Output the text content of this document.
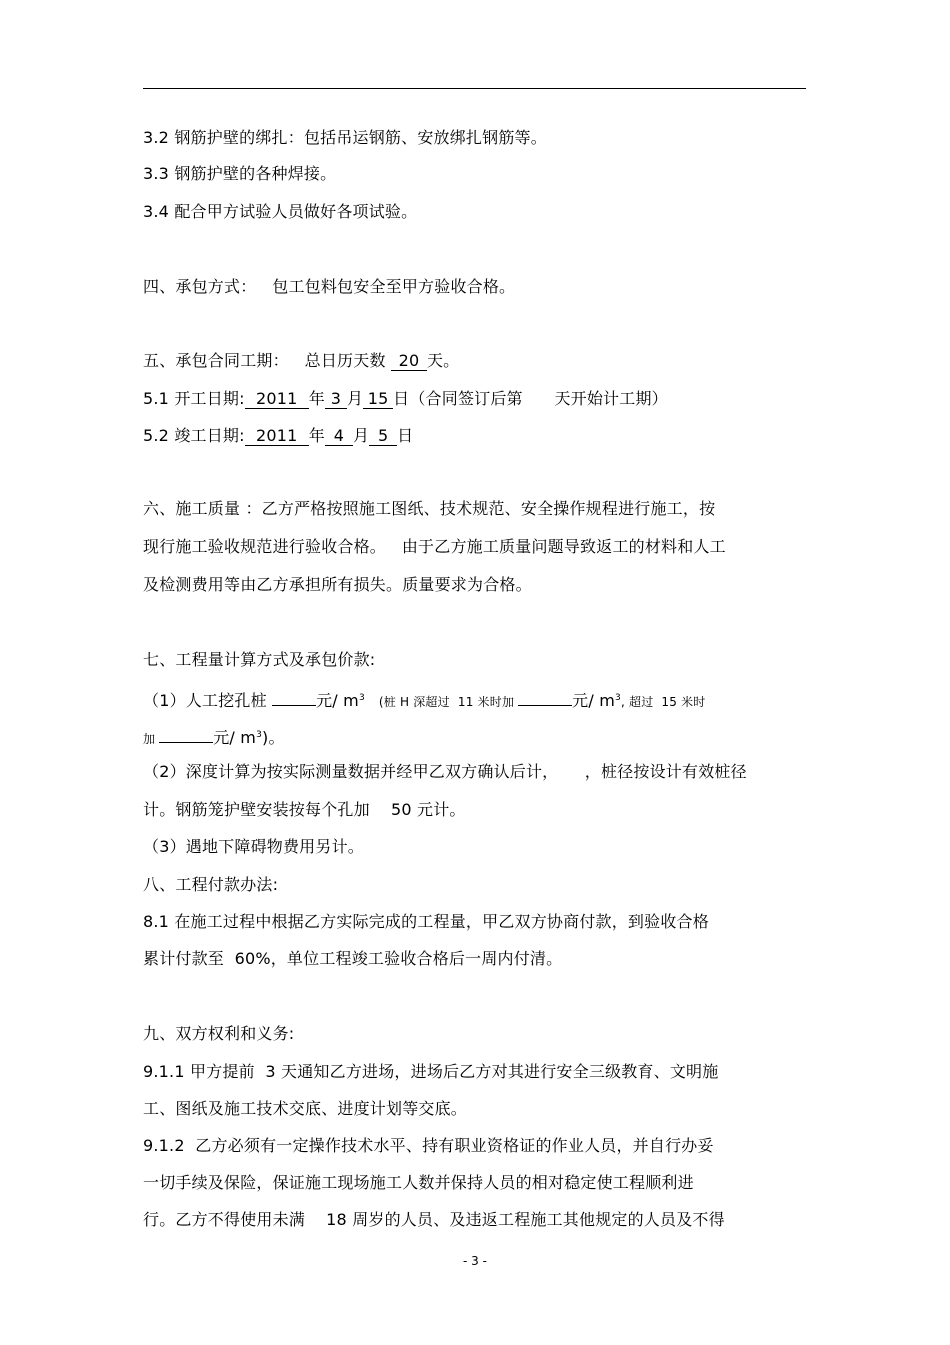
3.2 钢筋护壁的绑扎：包括吊运钢筋、安放绑扎钢筋等。
3.3 钢筋护壁的各种焊接。
3.4 配合甲方试验人员做好各项试验。
四、承包方式：   包工包料包安全至甲方验收合格。
五、承包合同工期：   总日历天数 20 天。
5.1 开工日期: 2011 年 3 月 15 日（合同签订后第      天开始计工期）
5.2 竣工日期: 2011 年 4 月 5 日
六、施工质量 ：乙方严格按照施工图纸、技术规范、安全操作规程进行施工，按
现行施工验收规范进行验收合格。   由于乙方施工质量问题导致返工的材料和人工
及检测费用等由乙方承担所有损失。质量要求为合格。
七、工程量计算方式及承包价款:
（1）人工挖孔桩	元/ $m^3$ (桩 H 深超过  11 米时加	元/ $m^3$, 超过  15 米时
加	元/ $m^3$)。
（2）深度计算为按实际测量数据并经甲乙双方确认后计，     ，桩径按设计有效桩径
计。钢筋笼护壁安装按每个孔加    50 元计。
（3）遇地下障碍物费用另计。
八、工程付款办法:
8.1 在施工过程中根据乙方实际完成的工程量，甲乙双方协商付款，到验收合格
累计付款至  60%，单位工程竣工验收合格后一周内付清。
九、双方权利和义务:
9.1.1 甲方提前  3 天通知乙方进场，进场后乙方对其进行安全三级教育、文明施
工、图纸及施工技术交底、进度计划等交底。
9.1.2  乙方必须有一定操作技术水平、持有职业资格证的作业人员，并自行办妥
一切手续及保险，保证施工现场施工人数并保持人员的相对稳定使工程顺利进
行。乙方不得使用未满    18 周岁的人员、及违返工程施工其他规定的人员及不得
- 3 -
